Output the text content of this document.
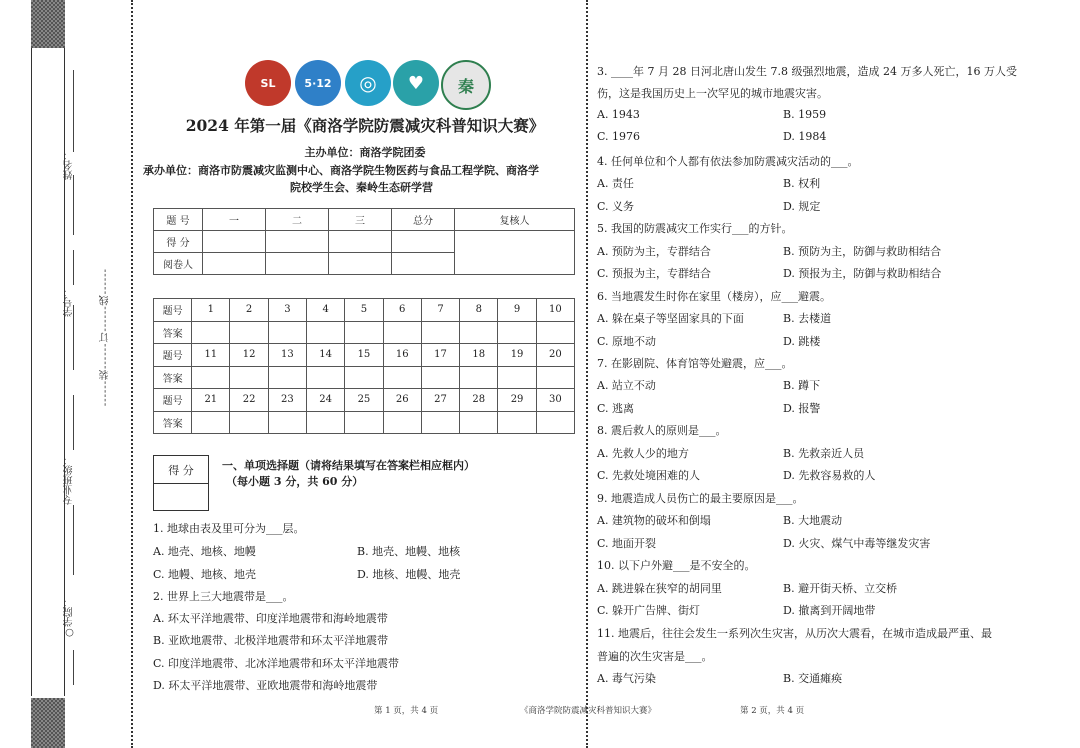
姓名：
学号：
专业班级：
○学院：
------装------订------线------
SL	5·12 ◎ ♥ 秦
2024 年第一届《商洛学院防震减灾科普知识大赛》
主办单位：商洛学院团委
承办单位：商洛市防震减灾监测中心、商洛学院生物医药与食品工程学院、商洛学
院校学生会、秦岭生态研学营
题 号	一	二	三	总分	复核人
得 分					
阅卷人					
题号	1	2	3	4	5	6	7	8	9	10
答案										
题号	11	12	13	14	15	16	17	18	19	20
答案										
题号	21	22	23	24	25	26	27	28	29	30
答案										
得 分	一、单项选择题（请将结果填写在答案栏相应框内）
（每小题 3 分，共 60 分）
1. 地球由表及里可分为___层。
A. 地壳、地核、地幔	B. 地壳、地幔、地核
C. 地幔、地核、地壳	D. 地核、地幔、地壳
2. 世界上三大地震带是___。
A. 环太平洋地震带、印度洋地震带和海岭地震带
B. 亚欧地震带、北极洋地震带和环太平洋地震带
C. 印度洋地震带、北冰洋地震带和环太平洋地震带
D. 环太平洋地震带、亚欧地震带和海岭地震带
3. ____年 7 月 28 日河北唐山发生 7.8 级强烈地震，造成 24 万多人死亡，16 万人受
伤，这是我国历史上一次罕见的城市地震灾害。
A. 1943	B. 1959
C. 1976	D. 1984
4. 任何单位和个人都有依法参加防震减灾活动的___。
A. 责任	B. 权利
C. 义务	D. 规定
5. 我国的防震减灾工作实行___的方针。
A. 预防为主，专群结合	B. 预防为主，防御与救助相结合
C. 预报为主，专群结合	D. 预报为主，防御与救助相结合
6. 当地震发生时你在家里（楼房），应___避震。
A. 躲在桌子等坚固家具的下面	B. 去楼道
C. 原地不动	D. 跳楼
7. 在影剧院、体育馆等处避震，应___。
A. 站立不动	B. 蹲下
C. 逃离	D. 报警
8. 震后救人的原则是___。
A. 先救人少的地方	B. 先救亲近人员
C. 先救处境困难的人	D. 先救容易救的人
9. 地震造成人员伤亡的最主要原因是___。
A. 建筑物的破坏和倒塌	B. 大地震动
C. 地面开裂	D. 火灾、煤气中毒等继发灾害
10. 以下户外避___是不安全的。
A. 跳进躲在狭窄的胡同里	B. 避开街天桥、立交桥
C. 躲开广告牌、街灯	D. 撤离到开阔地带
11. 地震后，往往会发生一系列次生灾害，从历次大震看，在城市造成最严重、最
普遍的次生灾害是___。
A. 毒气污染	B. 交通瘫痪
第 1 页，共 4 页	《商洛学院防震减灾科普知识大赛》	第 2 页，共 4 页
